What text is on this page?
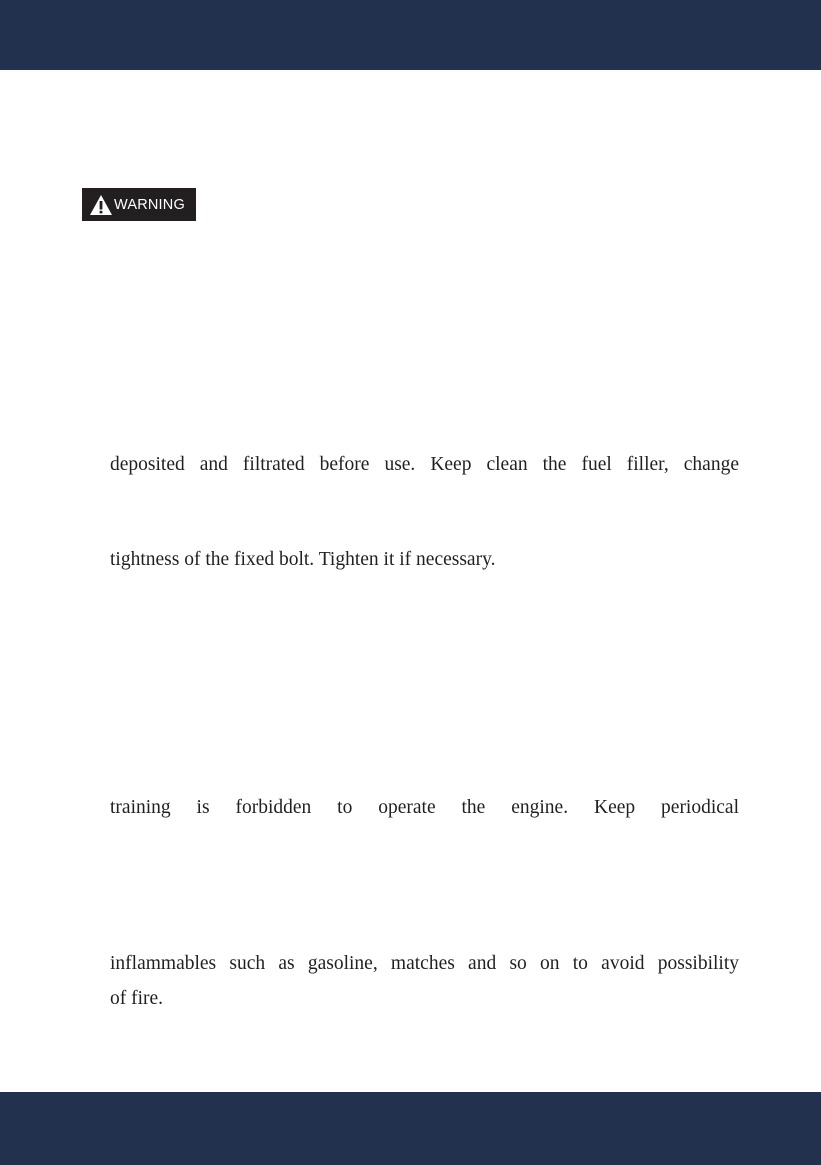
WARNING
deposited and filtrated before use. Keep clean the fuel filler, change
tightness of the fixed bolt. Tighten it if necessary.
training is forbidden to operate the engine. Keep periodical
inflammables such as gasoline, matches and so on to avoid possibility
of fire.
